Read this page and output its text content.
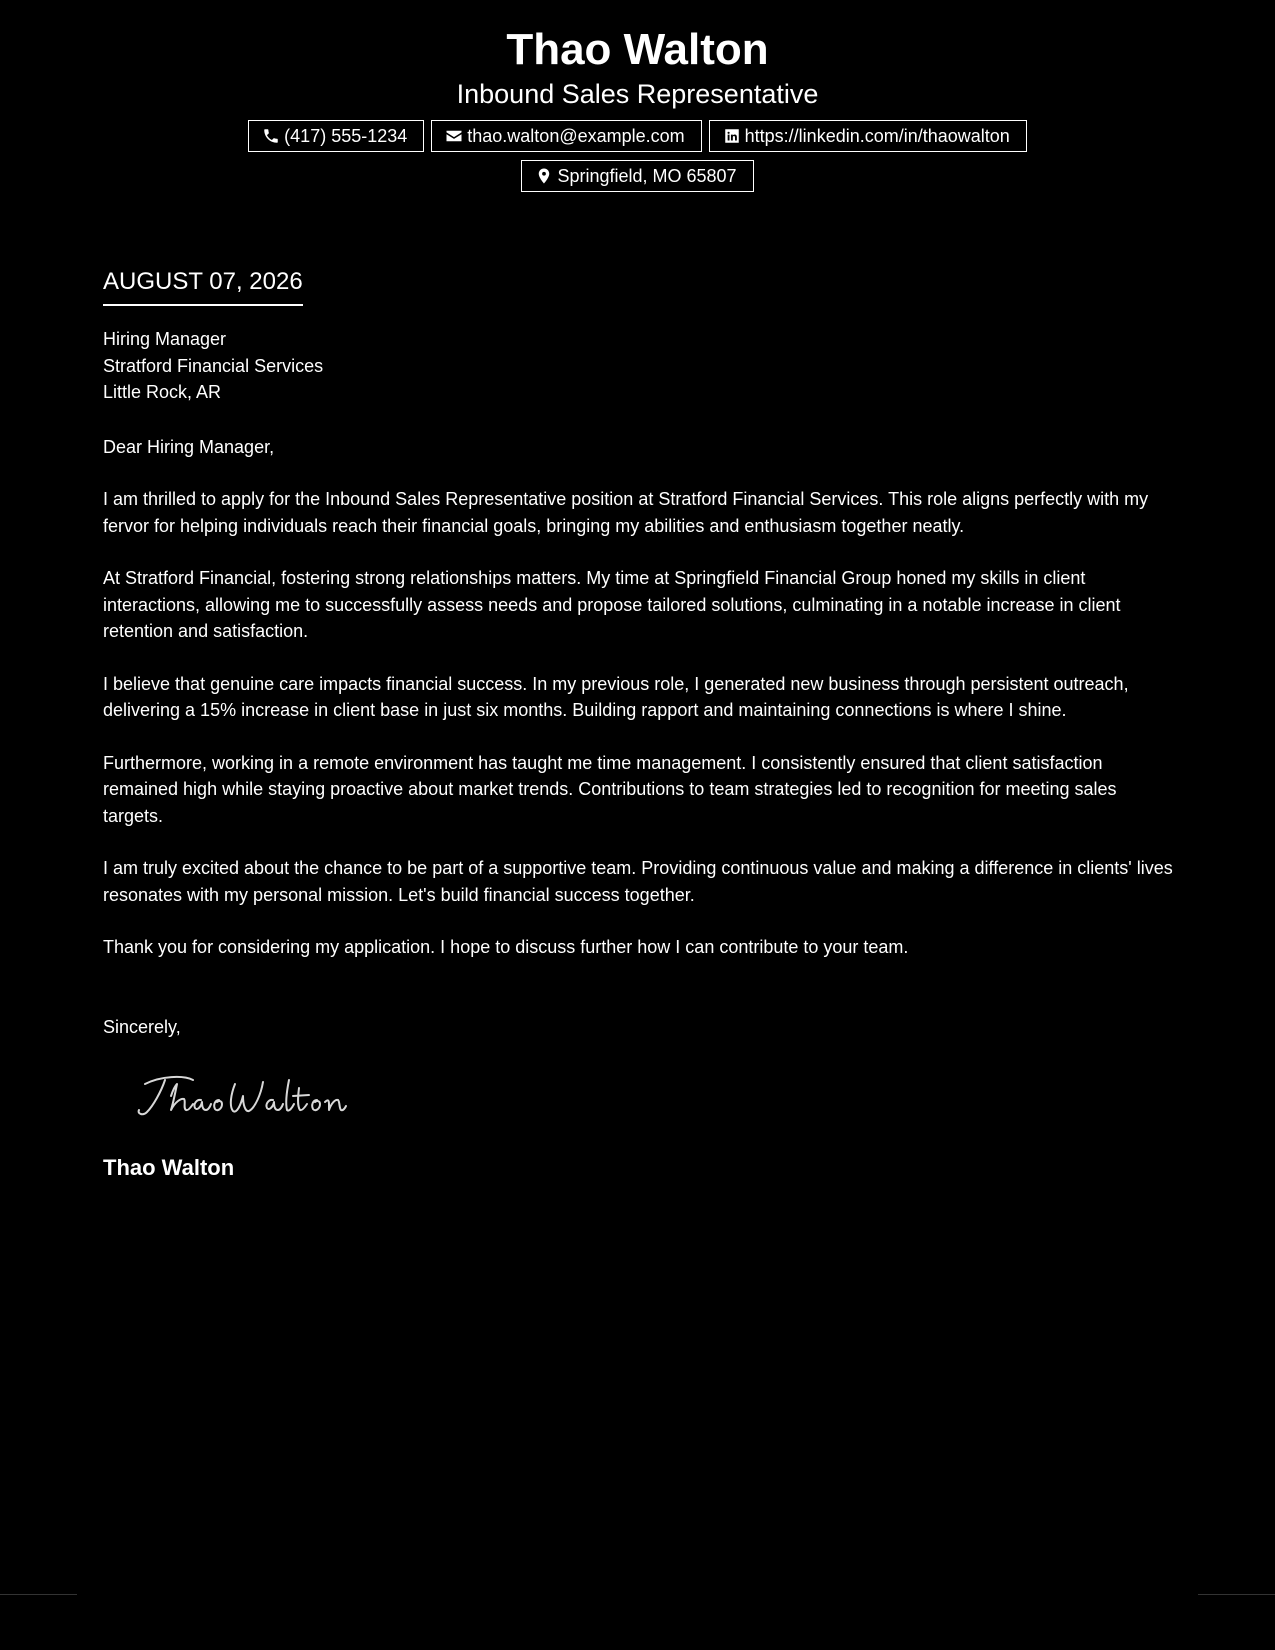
Thao Walton
Inbound Sales Representative
(417) 555-1234	thao.walton@example.com	https://linkedin.com/in/thaowalton
Springfield, MO 65807
AUGUST 07, 2026
Hiring Manager
Stratford Financial Services
Little Rock, AR
Dear Hiring Manager,

I am thrilled to apply for the Inbound Sales Representative position at Stratford Financial Services. This role aligns perfectly with my fervor for helping individuals reach their financial goals, bringing my abilities and enthusiasm together neatly.

At Stratford Financial, fostering strong relationships matters. My time at Springfield Financial Group honed my skills in client interactions, allowing me to successfully assess needs and propose tailored solutions, culminating in a notable increase in client retention and satisfaction.

I believe that genuine care impacts financial success. In my previous role, I generated new business through persistent outreach, delivering a 15% increase in client base in just six months. Building rapport and maintaining connections is where I shine.

Furthermore, working in a remote environment has taught me time management. I consistently ensured that client satisfaction remained high while staying proactive about market trends. Contributions to team strategies led to recognition for meeting sales targets.

I am truly excited about the chance to be part of a supportive team. Providing continuous value and making a difference in clients' lives resonates with my personal mission. Let's build financial success together.

Thank you for considering my application. I hope to discuss further how I can contribute to your team.

Sincerely,
Thao Walton
